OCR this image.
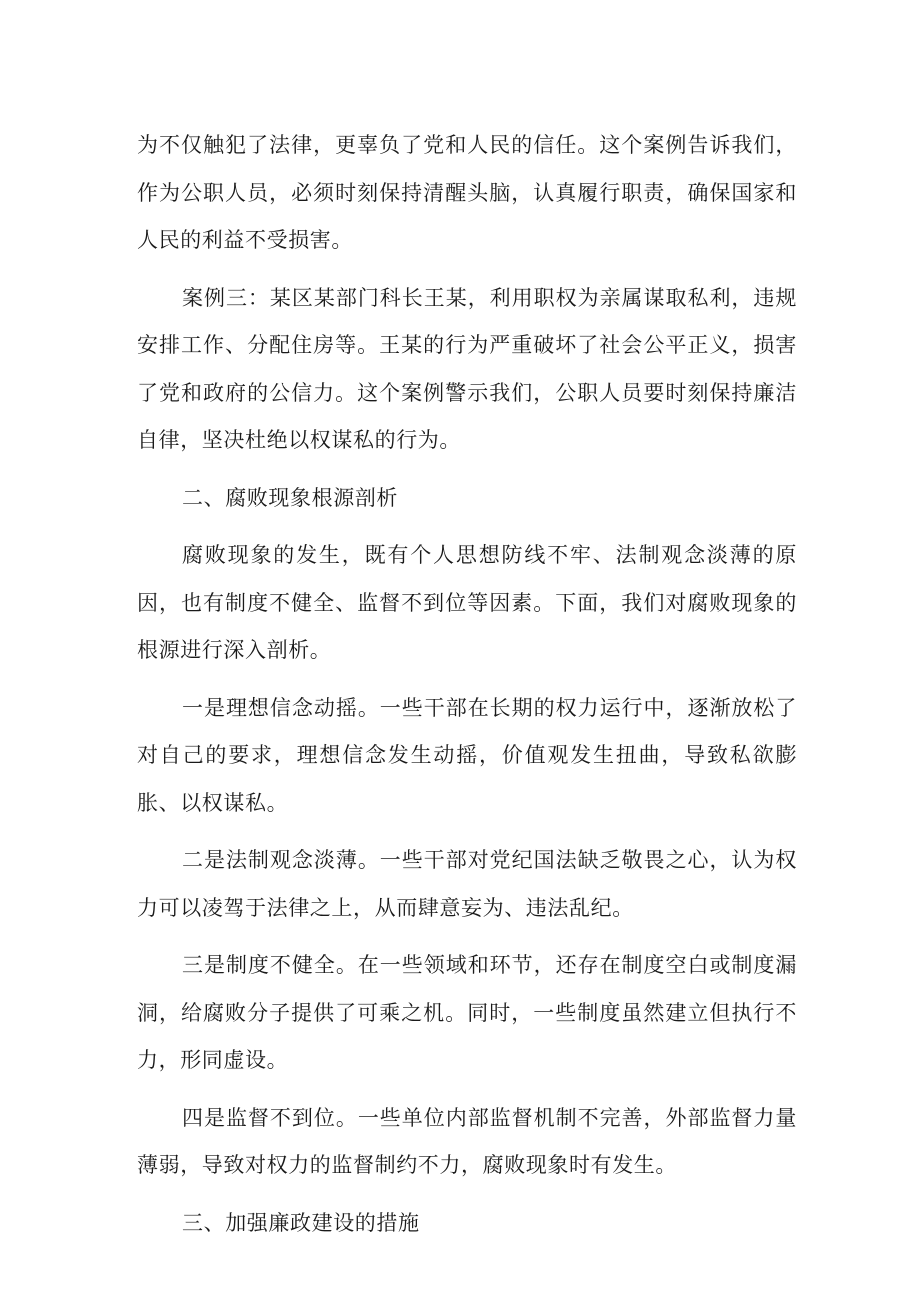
为不仅触犯了法律，更辜负了党和人民的信任。这个案例告诉我们，作为公职人员，必须时刻保持清醒头脑，认真履行职责，确保国家和人民的利益不受损害。

案例三：某区某部门科长王某，利用职权为亲属谋取私利，违规安排工作、分配住房等。王某的行为严重破坏了社会公平正义，损害了党和政府的公信力。这个案例警示我们，公职人员要时刻保持廉洁自律，坚决杜绝以权谋私的行为。

二、腐败现象根源剖析

腐败现象的发生，既有个人思想防线不牢、法制观念淡薄的原因，也有制度不健全、监督不到位等因素。下面，我们对腐败现象的根源进行深入剖析。

一是理想信念动摇。一些干部在长期的权力运行中，逐渐放松了对自己的要求，理想信念发生动摇，价值观发生扭曲，导致私欲膨胀、以权谋私。

二是法制观念淡薄。一些干部对党纪国法缺乏敬畏之心，认为权力可以凌驾于法律之上，从而肆意妄为、违法乱纪。

三是制度不健全。在一些领域和环节，还存在制度空白或制度漏洞，给腐败分子提供了可乘之机。同时，一些制度虽然建立但执行不力，形同虚设。

四是监督不到位。一些单位内部监督机制不完善，外部监督力量薄弱，导致对权力的监督制约不力，腐败现象时有发生。

三、加强廉政建设的措施
